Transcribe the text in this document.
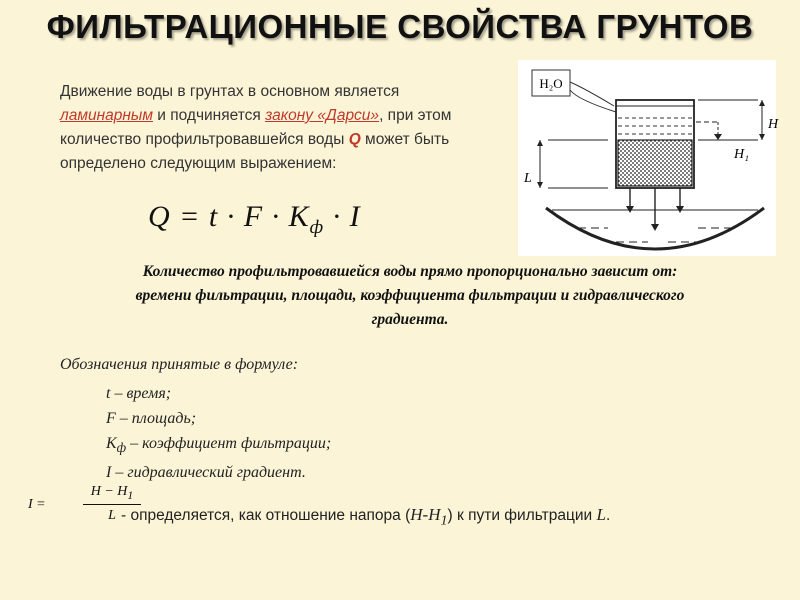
ФИЛЬТРАЦИОННЫЕ СВОЙСТВА ГРУНТОВ
Движение воды в грунтах в основном является
ламинарным и подчиняется закону «Дарси», при этом
количество профильтровавшейся воды Q может быть
определено следующим выражением:
$Q = t \cdot F \cdot K_ф \cdot I$
H₂O
H
H₁
L
Количество профильтровавшейся воды прямо пропорционально зависит от:
времени фильтрации, площади, коэффициента фильтрации и гидравлического
градиента.
Обозначения принятые в формуле:
t – время;
F – площадь;
$K_ф$ – коэффициент фильтрации;
I – гидравлический градиент.
I =	$\frac{H - H_1}{L}$
- определяется, как отношение напора $(H-H_1)$ к пути фильтрации L.
